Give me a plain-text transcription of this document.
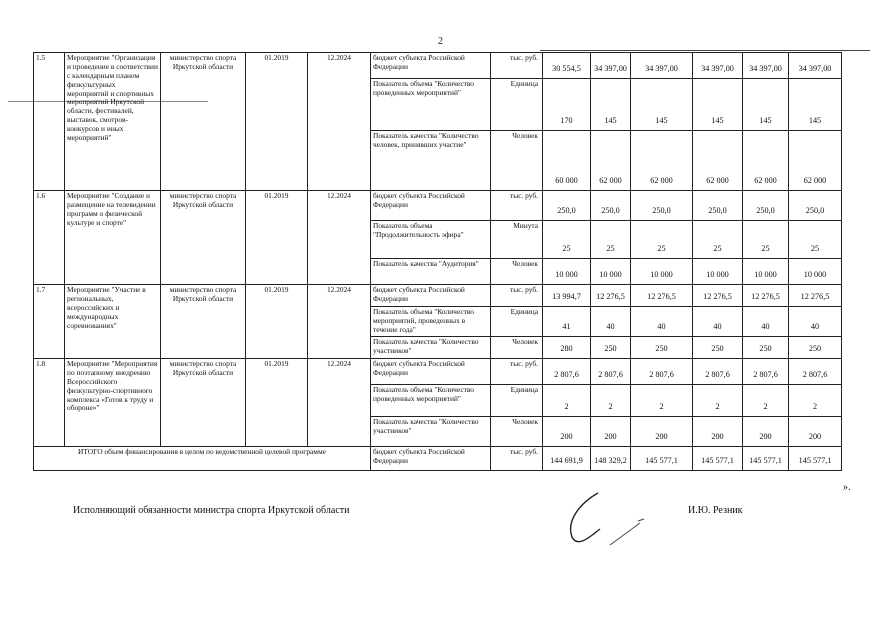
2
1.5	Мероприятие "Организация и проведение в соответствии с календарным планом физкультурных мероприятий и спортивных мероприятий Иркутской области, фестивалей, выставок, смотров-конкурсов и иных мероприятий"	министерство спорта Иркутской области	01.2019	12.2024	бюджет субъекта Российской Федерации	тыс. руб.	30 554,5	34 397,00	34 397,00	34 397,00	34 397,00	34 397,00
					Показатель объема "Количество проведенных мероприятий"	Единица	170	145	145	145	145	145
					Показатель качества "Количество человек, принявших участие"	Человек	60 000	62 000	62 000	62 000	62 000	62 000
1.6	Мероприятие "Создание и размещение на телевидении программ о физической культуре и спорте"	министерство спорта Иркутской области	01.2019	12.2024	бюджет субъекта Российской Федерации	тыс. руб.	250,0	250,0	250,0	250,0	250,0	250,0
					Показатель объема "Продолжительность эфира"	Минута	25	25	25	25	25	25
					Показатель качества "Аудитория"	Человек	10 000	10 000	10 000	10 000	10 000	10 000
1.7	Мероприятие "Участие в региональных, всероссийских и международных соревнованиях"	министерство спорта Иркутской области	01.2019	12.2024	бюджет субъекта Российской Федерации	тыс. руб.	13 994,7	12 276,5	12 276,5	12 276,5	12 276,5	12 276,5
					Показатель объема "Количество мероприятий, проведенных в течение года"	Единица	41	40	40	40	40	40
					Показатель качества "Количество участников"	Человек	280	250	250	250	250	250
1.8	Мероприятие "Мероприятия по поэтапному внедрению Всероссийского физкультурно-спортивного комплекса «Готов к труду и обороне»"	министерство спорта Иркутской области	01.2019	12.2024	бюджет субъекта Российской Федерации	тыс. руб.	2 807,6	2 807,6	2 807,6	2 807,6	2 807,6	2 807,6
					Показатель объема "Количество проведенных мероприятий"	Единица	2	2	2	2	2	2
					Показатель качества "Количество участников"	Человек	200	200	200	200	200	200
ИТОГО объем финансирования в целом по ведомственной целевой программе					бюджет субъекта Российской Федерации	тыс. руб.	144 691,9	148 329,2	145 577,1	145 577,1	145 577,1	145 577,1
».
Исполняющий обязанности министра спорта Иркутской области	И.Ю. Резник
